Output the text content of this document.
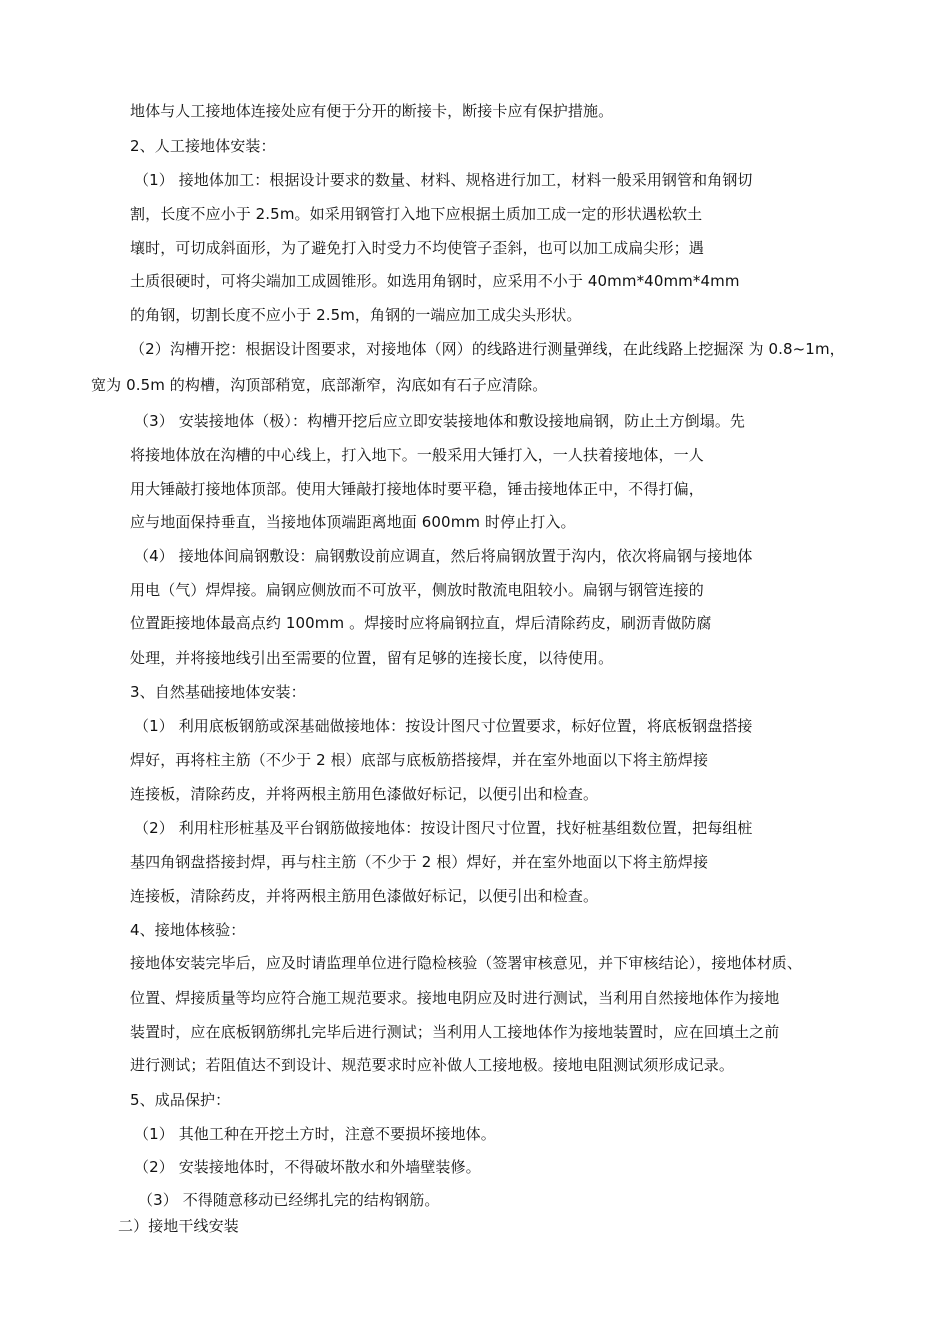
地体与人工接地体连接处应有便于分开的断接卡，断接卡应有保护措施。

2、人工接地体安装：

（1） 接地体加工：根据设计要求的数量、材料、规格进行加工，材料一般采用钢管和角钢切

割，长度不应小于 2.5m。如采用钢管打入地下应根据土质加工成一定的形状遇松软土

壤时，可切成斜面形，为了避免打入时受力不均使管子歪斜，也可以加工成扁尖形；遇

土质很硬时，可将尖端加工成圆锥形。如选用角钢时，应采用不小于 40mm*40mm*4mm

的角钢，切割长度不应小于 2.5m，角钢的一端应加工成尖头形状。

（2）沟槽开挖：根据设计图要求，对接地体（网）的线路进行测量弹线，在此线路上挖掘深 为 0.8~1m，

宽为 0.5m 的构槽，沟顶部稍宽，底部渐窄，沟底如有石子应清除。

（3） 安装接地体（极）：构槽开挖后应立即安装接地体和敷设接地扁钢，防止土方倒塌。先

将接地体放在沟槽的中心线上，打入地下。一般采用大锤打入，一人扶着接地体，一人

用大锤敲打接地体顶部。使用大锤敲打接地体时要平稳，锤击接地体正中，不得打偏，

应与地面保持垂直，当接地体顶端距离地面 600mm 时停止打入。

（4） 接地体间扁钢敷设：扁钢敷设前应调直，然后将扁钢放置于沟内，依次将扁钢与接地体

用电（气）焊焊接。扁钢应侧放而不可放平，侧放时散流电阻较小。扁钢与钢管连接的

位置距接地体最高点约 100mm 。焊接时应将扁钢拉直，焊后清除药皮，刷沥青做防腐

处理，并将接地线引出至需要的位置，留有足够的连接长度，以待使用。

3、自然基础接地体安装：

（1） 利用底板钢筋或深基础做接地体：按设计图尺寸位置要求，标好位置，将底板钢盘搭接

焊好，再将柱主筋（不少于 2 根）底部与底板筋搭接焊，并在室外地面以下将主筋焊接

连接板，清除药皮，并将两根主筋用色漆做好标记，以便引出和检查。

（2） 利用柱形桩基及平台钢筋做接地体：按设计图尺寸位置，找好桩基组数位置，把每组桩

基四角钢盘搭接封焊，再与柱主筋（不少于 2 根）焊好，并在室外地面以下将主筋焊接

连接板，清除药皮，并将两根主筋用色漆做好标记，以便引出和检查。

4、接地体核验：

接地体安装完毕后，应及时请监理单位进行隐检核验（签署审核意见，并下审核结论），接地体材质、

位置、焊接质量等均应符合施工规范要求。接地电阴应及时进行测试，当利用自然接地体作为接地

装置时，应在底板钢筋绑扎完毕后进行测试；当利用人工接地体作为接地装置时，应在回填土之前

进行测试；若阻值达不到设计、规范要求时应补做人工接地极。接地电阻测试须形成记录。

5、成品保护：

（1） 其他工种在开挖土方时，注意不要损坏接地体。

（2） 安装接地体时，不得破坏散水和外墙壁装修。

（3） 不得随意移动已经绑扎完的结构钢筋。

二）接地干线安装
